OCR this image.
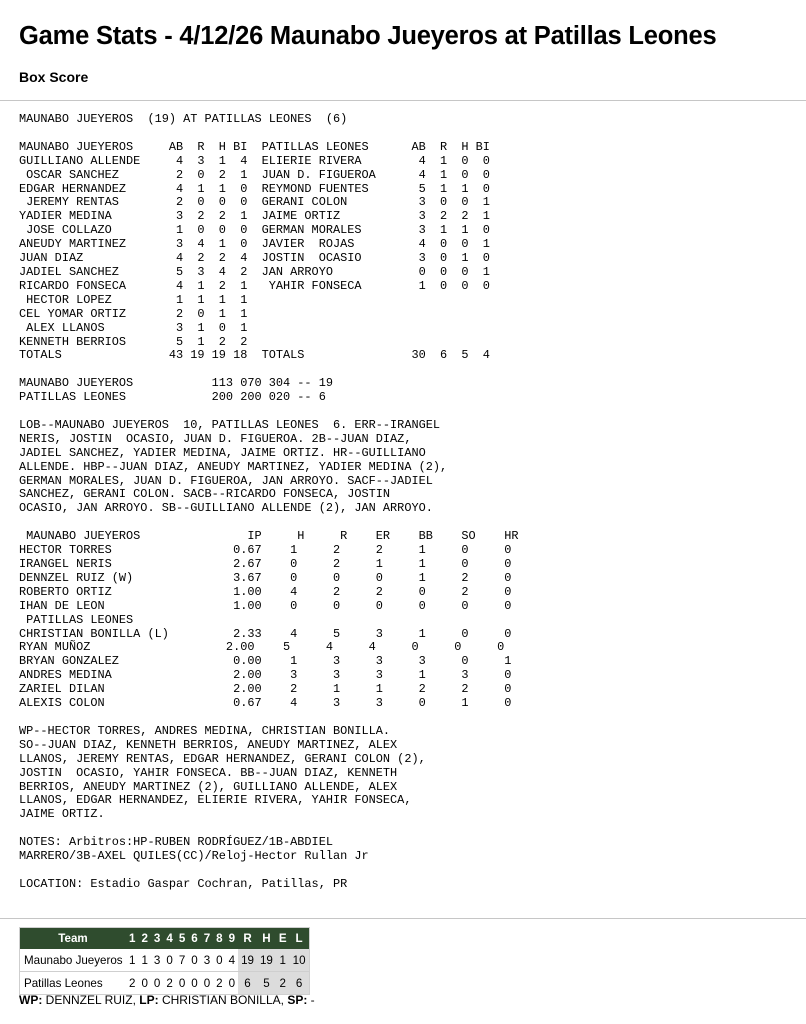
Game Stats - 4/12/26 Maunabo Jueyeros at Patillas Leones
Box Score
MAUNABO JUEYEROS  (19) AT PATILLAS LEONES  (6)

MAUNABO JUEYEROS     AB  R  H BI  PATILLAS LEONES      AB  R  H BI
GUILLIANO ALLENDE     4  3  1  4  ELIERIE RIVERA        4  1  0  0
OSCAR SANCHEZ        2  0  2  1  JUAN D. FIGUEROA      4  1  0  0
EDGAR HERNANDEZ       4  1  1  0  REYMOND FUENTES       5  1  1  0
JEREMY RENTAS        2  0  0  0  GERANI COLON          3  0  0  1
YADIER MEDINA         3  2  2  1  JAIME ORTIZ           3  2  2  1
JOSE COLLAZO         1  0  0  0  GERMAN MORALES        3  1  1  0
ANEUDY MARTINEZ       3  4  1  0  JAVIER  ROJAS         4  0  0  1
JUAN DIAZ             4  2  2  4  JOSTIN  OCASIO        3  0  1  0
JADIEL SANCHEZ        5  3  4  2  JAN ARROYO            0  0  0  1
RICARDO FONSECA       4  1  2  1   YAHIR FONSECA        1  0  0  0
HECTOR LOPEZ         1  1  1  1
CEL YOMAR ORTIZ       2  0  1  1
ALEX LLANOS          3  1  0  1
KENNETH BERRIOS       5  1  2  2
TOTALS               43 19 19 18  TOTALS               30  6  5  4

MAUNABO JUEYEROS           113 070 304 -- 19
PATILLAS LEONES            200 200 020 -- 6

LOB--MAUNABO JUEYEROS  10, PATILLAS LEONES  6. ERR--IRANGEL
NERIS, JOSTIN  OCASIO, JUAN D. FIGUEROA. 2B--JUAN DIAZ,
JADIEL SANCHEZ, YADIER MEDINA, JAIME ORTIZ. HR--GUILLIANO
ALLENDE. HBP--JUAN DIAZ, ANEUDY MARTINEZ, YADIER MEDINA (2),
GERMAN MORALES, JUAN D. FIGUEROA, JAN ARROYO. SACF--JADIEL
SANCHEZ, GERANI COLON. SACB--RICARDO FONSECA, JOSTIN
OCASIO, JAN ARROYO. SB--GUILLIANO ALLENDE (2), JAN ARROYO.

MAUNABO JUEYEROS               IP     H     R    ER    BB    SO    HR
HECTOR TORRES                 0.67    1     2     2     1     0     0
IRANGEL NERIS                 2.67    0     2     1     1     0     0
DENNZEL RUIZ (W)              3.67    0     0     0     1     2     0
ROBERTO ORTIZ                 1.00    4     2     2     0     2     0
IHAN DE LEON                  1.00    0     0     0     0     0     0
PATILLAS LEONES
CHRISTIAN BONILLA (L)         2.33    4     5     3     1     0     0
RYAN MUÑOZ                   2.00    5     4     4     0     0     0
BRYAN GONZALEZ                0.00    1     3     3     3     0     1
ANDRES MEDINA                 2.00    3     3     3     1     3     0
ZARIEL DILAN                  2.00    2     1     1     2     2     0
ALEXIS COLON                  0.67    4     3     3     0     1     0

WP--HECTOR TORRES, ANDRES MEDINA, CHRISTIAN BONILLA.
SO--JUAN DIAZ, KENNETH BERRIOS, ANEUDY MARTINEZ, ALEX
LLANOS, JEREMY RENTAS, EDGAR HERNANDEZ, GERANI COLON (2),
JOSTIN  OCASIO, YAHIR FONSECA. BB--JUAN DIAZ, KENNETH
BERRIOS, ANEUDY MARTINEZ (2), GUILLIANO ALLENDE, ALEX
LLANOS, EDGAR HERNANDEZ, ELIERIE RIVERA, YAHIR FONSECA,
JAIME ORTIZ.

NOTES: Arbitros:HP-RUBEN RODRÍGUEZ/1B-ABDIEL
MARRERO/3B-AXEL QUILES(CC)/Reloj-Hector Rullan Jr

LOCATION: Estadio Gaspar Cochran, Patillas, PR
Team	1	2	3	4	5	6	7	8	9	R	H	E	L
Maunabo Jueyeros	1	1	3	0	7	0	3	0	4	19	19	1	10
Patillas Leones	2	0	0	2	0	0	0	2	0	6	5	2	6
WP: DENNZEL RUIZ, LP: CHRISTIAN BONILLA, SP: -
